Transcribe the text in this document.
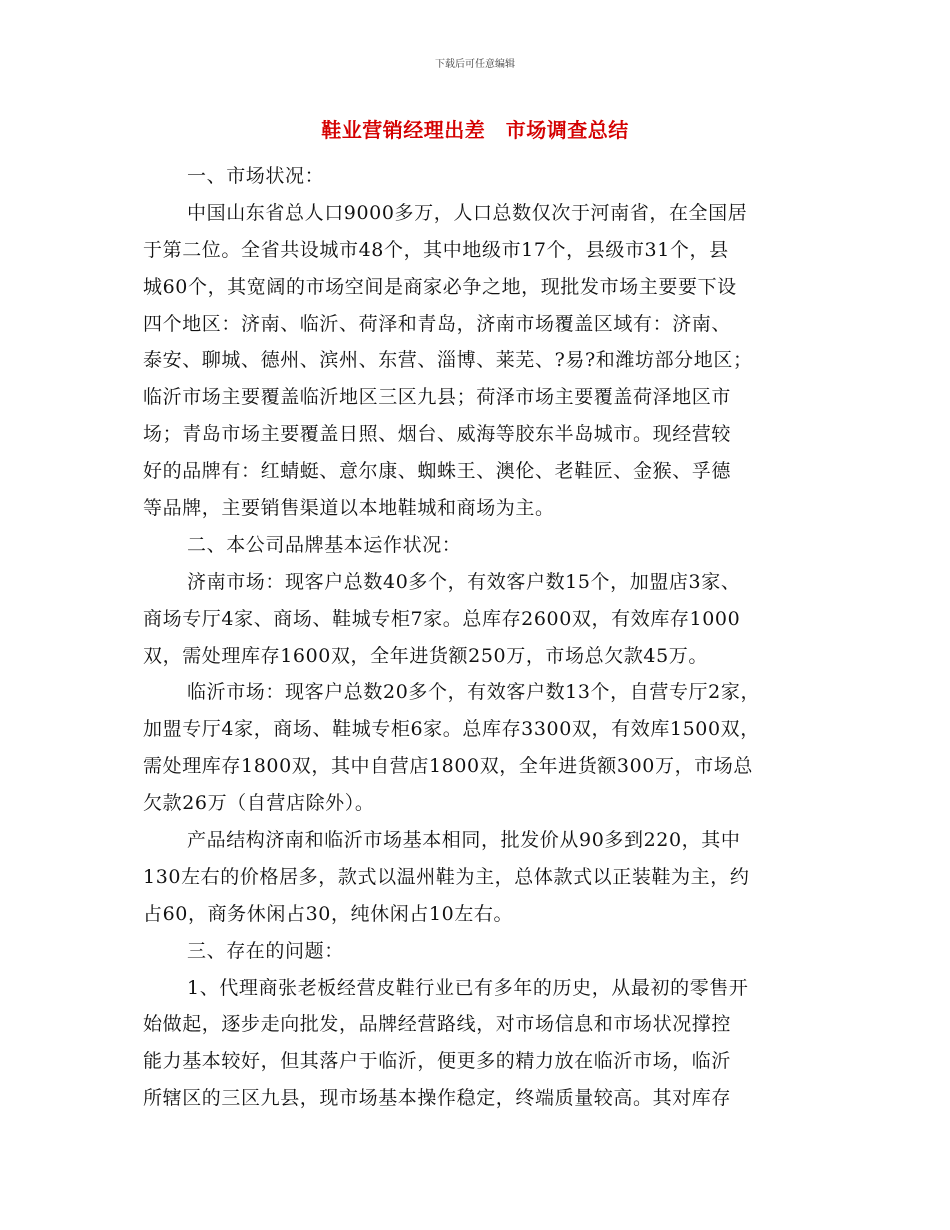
下载后可任意编辑
鞋业营销经理出差　市场调查总结
一、市场状况：
中国山东省总人口9000多万，人口总数仅次于河南省，在全国居
于第二位。全省共设城市48个，其中地级市17个，县级市31个，县
城60个，其宽阔的市场空间是商家必争之地，现批发市场主要要下设
四个地区：济南、临沂、荷泽和青岛，济南市场覆盖区域有：济南、
泰安、聊城、德州、滨州、东营、淄博、莱芜、?易?和潍坊部分地区；
临沂市场主要覆盖临沂地区三区九县；荷泽市场主要覆盖荷泽地区市
场；青岛市场主要覆盖日照、烟台、威海等胶东半岛城市。现经营较
好的品牌有：红蜻蜓、意尔康、蜘蛛王、澳伦、老鞋匠、金猴、孚德
等品牌，主要销售渠道以本地鞋城和商场为主。
二、本公司品牌基本运作状况：
济南市场：现客户总数40多个，有效客户数15个，加盟店3家、
商场专厅4家、商场、鞋城专柜7家。总库存2600双，有效库存1000
双，需处理库存1600双，全年进货额250万，市场总欠款45万。
临沂市场：现客户总数20多个，有效客户数13个，自营专厅2家，
加盟专厅4家，商场、鞋城专柜6家。总库存3300双，有效库1500双，
需处理库存1800双，其中自营店1800双，全年进货额300万，市场总
欠款26万（自营店除外）。
产品结构济南和临沂市场基本相同，批发价从90多到220，其中
130左右的价格居多，款式以温州鞋为主，总体款式以正装鞋为主，约
占60，商务休闲占30，纯休闲占10左右。
三、存在的问题：
1、代理商张老板经营皮鞋行业已有多年的历史，从最初的零售开
始做起，逐步走向批发，品牌经营路线，对市场信息和市场状况撑控
能力基本较好，但其落户于临沂，便更多的精力放在临沂市场，临沂
所辖区的三区九县，现市场基本操作稳定，终端质量较高。其对库存
